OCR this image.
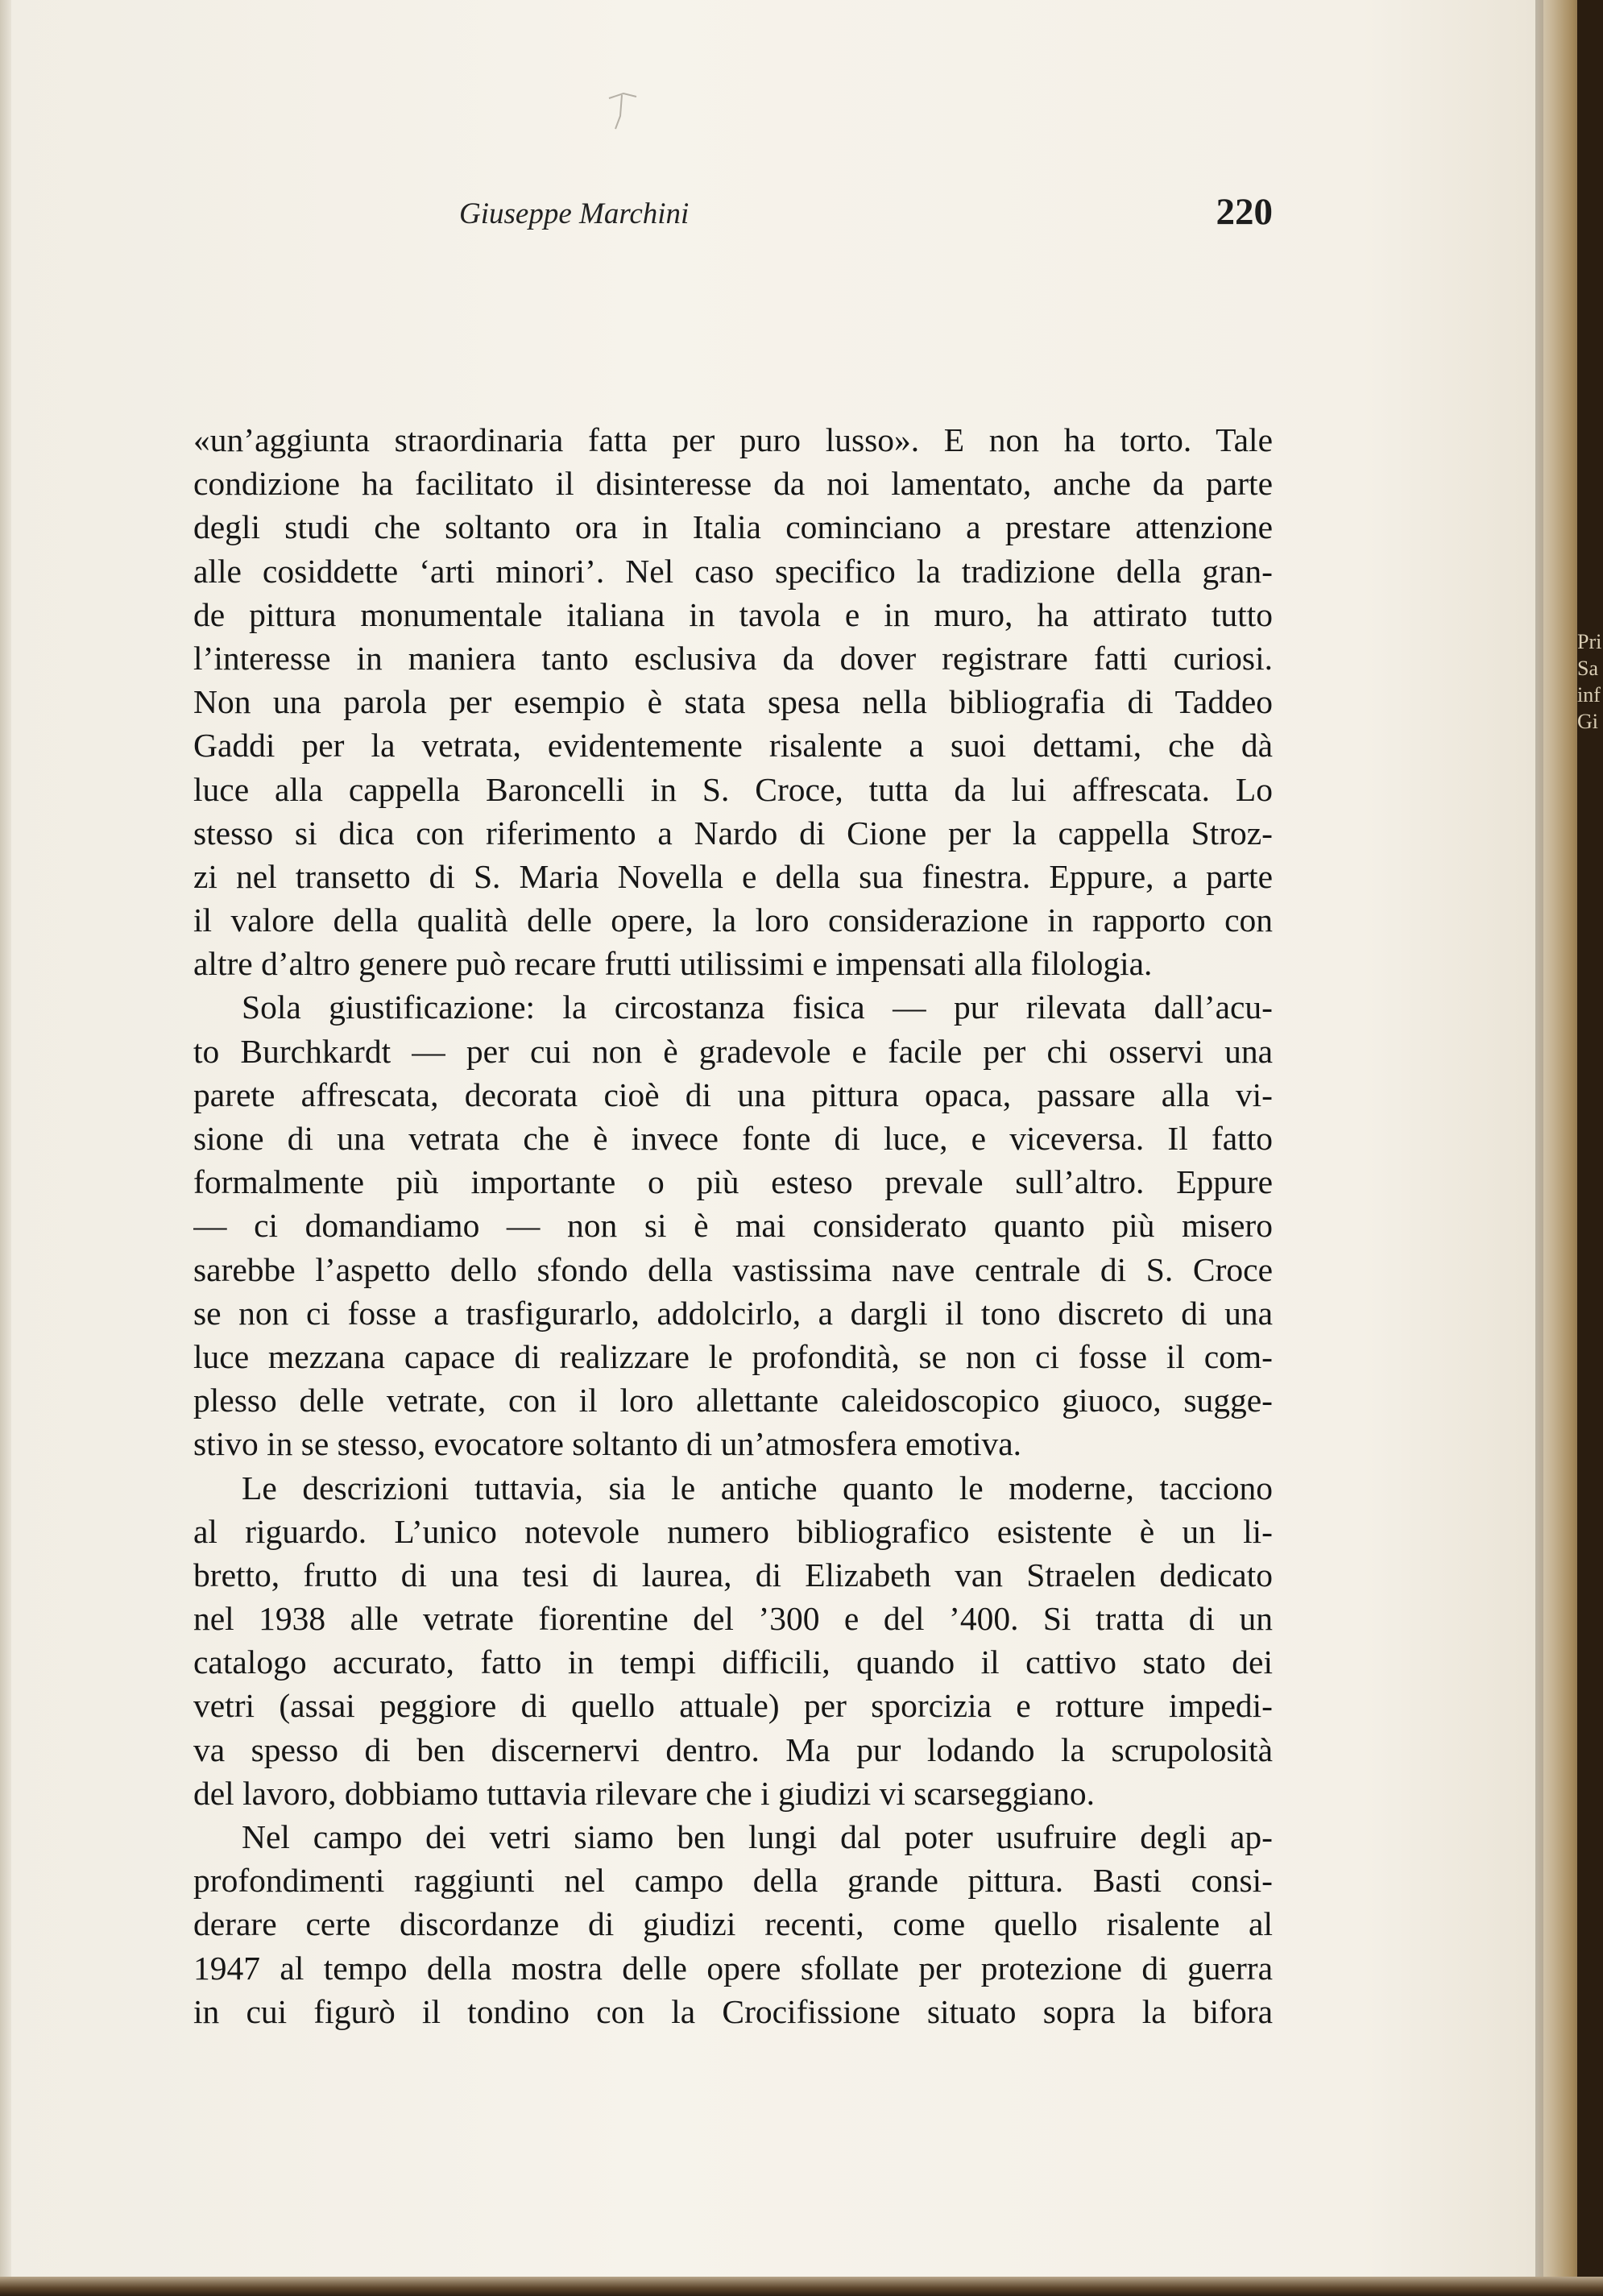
Giuseppe Marchini	220
«un’aggiunta straordinaria fatta per puro lusso». E non ha torto. Tale
condizione ha facilitato il disinteresse da noi lamentato, anche da parte
degli studi che soltanto ora in Italia cominciano a prestare attenzione
alle cosiddette ‘arti minori’. Nel caso specifico la tradizione della gran-
de pittura monumentale italiana in tavola e in muro, ha attirato tutto
l’interesse in maniera tanto esclusiva da dover registrare fatti curiosi.
Non una parola per esempio è stata spesa nella bibliografia di Taddeo
Gaddi per la vetrata, evidentemente risalente a suoi dettami, che dà
luce alla cappella Baroncelli in S. Croce, tutta da lui affrescata. Lo
stesso si dica con riferimento a Nardo di Cione per la cappella Stroz-
zi nel transetto di S. Maria Novella e della sua finestra. Eppure, a parte
il valore della qualità delle opere, la loro considerazione in rapporto con
altre d’altro genere può recare frutti utilissimi e impensati alla filologia.
Sola giustificazione: la circostanza fisica — pur rilevata dall’acu-
to Burchkardt — per cui non è gradevole e facile per chi osservi una
parete affrescata, decorata cioè di una pittura opaca, passare alla vi-
sione di una vetrata che è invece fonte di luce, e viceversa. Il fatto
formalmente più importante o più esteso prevale sull’altro. Eppure
— ci domandiamo — non si è mai considerato quanto più misero
sarebbe l’aspetto dello sfondo della vastissima nave centrale di S. Croce
se non ci fosse a trasfigurarlo, addolcirlo, a dargli il tono discreto di una
luce mezzana capace di realizzare le profondità, se non ci fosse il com-
plesso delle vetrate, con il loro allettante caleidoscopico giuoco, sugge-
stivo in se stesso, evocatore soltanto di un’atmosfera emotiva.
Le descrizioni tuttavia, sia le antiche quanto le moderne, tacciono
al riguardo. L’unico notevole numero bibliografico esistente è un li-
bretto, frutto di una tesi di laurea, di Elizabeth van Straelen dedicato
nel 1938 alle vetrate fiorentine del ’300 e del ’400. Si tratta di un
catalogo accurato, fatto in tempi difficili, quando il cattivo stato dei
vetri (assai peggiore di quello attuale) per sporcizia e rotture impedi-
va spesso di ben discernervi dentro. Ma pur lodando la scrupolosità
del lavoro, dobbiamo tuttavia rilevare che i giudizi vi scarseggiano.
Nel campo dei vetri siamo ben lungi dal poter usufruire degli ap-
profondimenti raggiunti nel campo della grande pittura. Basti consi-
derare certe discordanze di giudizi recenti, come quello risalente al
1947 al tempo della mostra delle opere sfollate per protezione di guerra
in cui figurò il tondino con la Crocifissione situato sopra la bifora
Pri
Sa
inf
Gi
